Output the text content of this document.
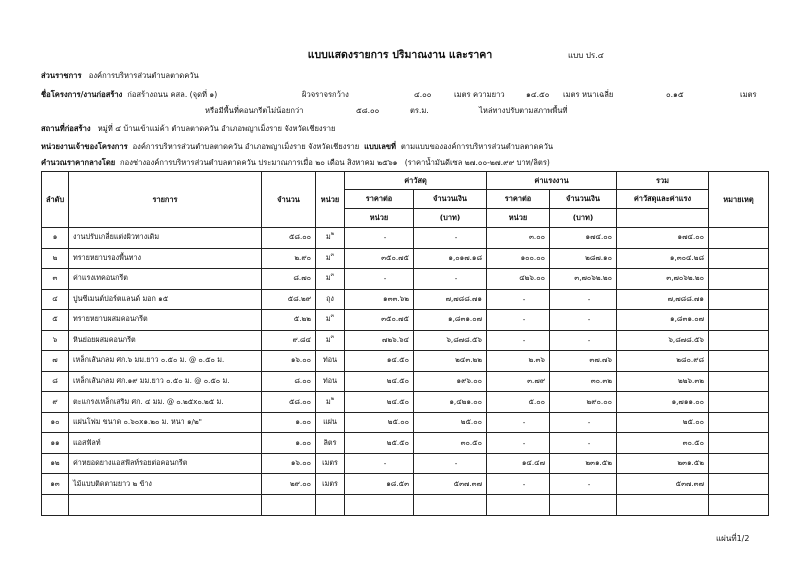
แบบแสดงรายการ ปริมาณงาน และราคา	แบบ ปร.๔
ส่วนราชการ องค์การบริหารส่วนตำบลตาดควัน
ชื่อโครงการ/งานก่อสร้าง ก่อสร้างถนน คสล. (จุดที่ ๑)	ผิวจราจรกว้าง	๔.๐๐	เมตร ความยาว	๑๔.๕๐ เมตร หนาเฉลี่ย	๐.๑๕	เมตร
หรือมีพื้นที่คอนกรีตไม่น้อยกว่า	๕๘.๐๐	ตร.ม.	ไหล่ทางปรับตามสภาพพื้นที่
สถานที่ก่อสร้าง หมู่ที่ ๔ บ้านเข้าแม่ค้า ตำบลตาดควัน อำเภอพญาเม็งราย จังหวัดเชียงราย
หน่วยงานเจ้าของโครงการ องค์การบริหารส่วนตำบลตาดควัน อำเภอพญาเม็งราย จังหวัดเชียงราย แบบเลขที่ ตามแบบขององค์การบริหารส่วนตำบลตาดควัน
คำนวณราคากลางโดย กองช่างองค์การบริหารส่วนตำบลตาดควัน ประมาณการเมื่อ ๒๐ เดือน สิงหาคม ๒๕๖๑ (ราคาน้ำมันดีเซล ๒๗.๐๐-๒๗.๙๙ บาท/ลิตร)
ลำดับ	รายการ	จำนวน	หน่วย	ค่าวัสดุ		ค่าแรงงาน		รวม	หมายเหตุ
				ราคาต่อ	จำนวนเงิน	ราคาต่อ	จำนวนเงิน	ค่าวัสดุและค่าแรง	
				หน่วย	(บาท)	หน่วย	(บาท)		
๑	งานปรับเกลี่ยแต่งผิวทางเดิม	๕๘.๐๐	ม$^๒$	-	-	๓.๐๐	๑๗๔.๐๐	๑๗๔.๐๐	
๒	ทรายหยาบรองพื้นทาง	๒.๙๐	ม$^๓$	๓๕๐.๗๕	๑,๐๑๗.๑๘	๑๐๐.๐๐	๒๘๗.๑๐	๑,๓๐๔.๒๘	
๓	ค่าแรงเทคอนกรีต	๘.๗๐	ม$^๓$	-	-	๔๒๖.๐๐	๓,๗๐๖๒.๒๐	๓,๗๐๖๒.๒๐	
๔	ปูนซีเมนต์ปอร์ตแลนด์ มอก ๑๕	๕๘.๒๙	ถุง	๑๓๓.๖๒	๗,๗๘๘.๗๑	-	-	๗,๗๘๘.๗๑	
๕	ทรายหยาบผสมคอนกรีต	๕.๒๒	ม$^๓$	๓๕๐.๗๕	๑,๘๓๑.๐๗	-	-	๑,๘๓๑.๐๗	
๖	หินย่อยผสมคอนกรีต	๙.๘๔	ม$^๓$	๗๒๖.๖๔	๖,๘๗๘.๕๖	-	-	๖,๘๗๘.๕๖	
๗	เหล็กเส้นกลม ศก.๖ มม.ยาว ๐.๕๐ ม. @ ๐.๕๐ ม.	๑๖.๐๐	ท่อน	๑๔.๕๐	๒๔๓.๒๒	๒.๓๖	๓๗.๗๖	๒๘๐.๙๘	
๘	เหล็กเส้นกลม ศก.๑๙ มม.ยาว ๐.๕๐ ม. @ ๐.๕๐ ม.	๘.๐๐	ท่อน	๒๔.๕๐	๑๙๖.๐๐	๓.๗๙	๓๐.๓๒	๒๒๖.๓๒	
๙	ตะแกรงเหล็กเสริม ศก. ๔ มม. @ ๐.๒๕x๐.๒๕ ม.	๕๘.๐๐	ม$^๒$	๒๔.๕๐	๑,๔๒๑.๐๐	๕.๐๐	๒๙๐.๐๐	๑,๗๑๑.๐๐	
๑๐	แผ่นโฟม ขนาด ๐.๖๐x๑.๒๐ ม. หนา ๑/๒"	๑.๐๐	แผ่น	๒๕.๐๐	๒๕.๐๐	-	-	๒๕.๐๐	
๑๑	แอสฟัลท์	๑.๐๐	ลิตร	๒๕.๕๐	๓๐.๕๐	-	-	๓๐.๕๐	
๑๒	ค่าหยอดยางแอสฟัลท์รอยต่อคอนกรีต	๑๖.๐๐	เมตร	-	-	๑๔.๔๗	๒๓๑.๕๒	๒๓๑.๕๒	
๑๓	ไม้แบบติดตามยาว ๒ ข้าง	๒๙.๐๐	เมตร	๑๘.๕๓	๕๓๗.๓๗	-	-	๕๓๗.๓๗	

แผ่นที่1/2
